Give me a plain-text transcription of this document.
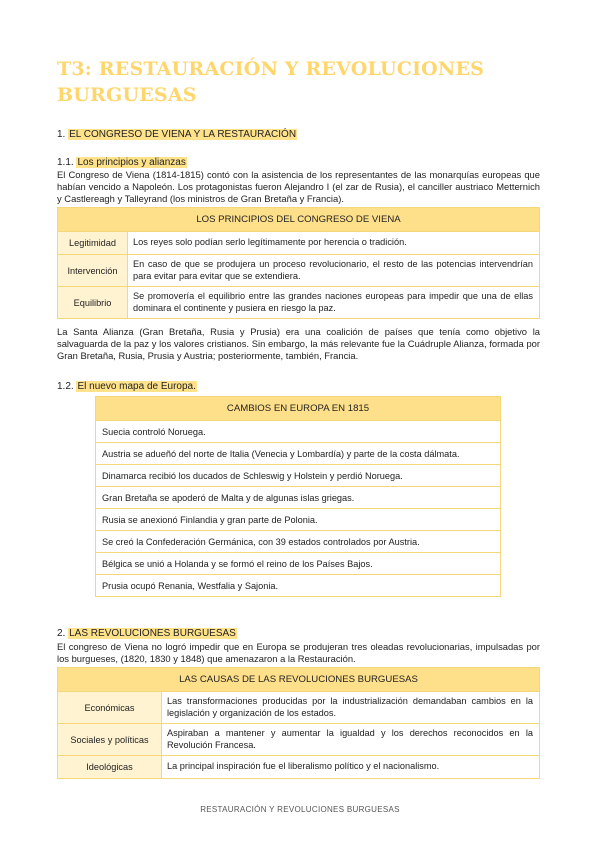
T3: RESTAURACIÓN Y REVOLUCIONES BURGUESAS
1. EL CONGRESO DE VIENA Y LA RESTAURACIÓN
1.1. Los principios y alianzas
El Congreso de Viena (1814-1815) contó con la asistencia de los representantes de las monarquías europeas que habían vencido a Napoleón. Los protagonistas fueron Alejandro I (el zar de Rusia), el canciller austriaco Metternich y Castlereagh y Talleyrand (los ministros de Gran Bretaña y Francia).
LOS PRINCIPIOS DEL CONGRESO DE VIENA	
Legitimidad	Los reyes solo podían serlo legítimamente por herencia o tradición.
Intervención	En caso de que se produjera un proceso revolucionario, el resto de las potencias intervendrían para evitar para evitar que se extendiera.
Equilibrio	Se promovería el equilibrio entre las grandes naciones europeas para impedir que una de ellas dominara el continente y pusiera en riesgo la paz.
La Santa Alianza (Gran Bretaña, Rusia y Prusia) era una coalición de países que tenía como objetivo la salvaguarda de la paz y los valores cristianos. Sin embargo, la más relevante fue la Cuádruple Alianza, formada por Gran Bretaña, Rusia, Prusia y Austria; posteriormente, también, Francia.
1.2. El nuevo mapa de Europa.
CAMBIOS EN EUROPA EN 1815
Suecia controló Noruega.
Austria se adueñó del norte de Italia (Venecia y Lombardía) y parte de la costa dálmata.
Dinamarca recibió los ducados de Schleswig y Holstein y perdió Noruega.
Gran Bretaña se apoderó de Malta y de algunas islas griegas.
Rusia se anexionó Finlandia y gran parte de Polonia.
Se creó la Confederación Germánica, con 39 estados controlados por Austria.
Bélgica se unió a Holanda y se formó el reino de los Países Bajos.
Prusia ocupó Renania, Westfalia y Sajonia.
2. LAS REVOLUCIONES BURGUESAS
El congreso de Viena no logró impedir que en Europa se produjeran tres oleadas revolucionarias, impulsadas por los burgueses, (1820, 1830 y 1848) que amenazaron a la Restauración.
LAS CAUSAS DE LAS REVOLUCIONES BURGUESAS	
Económicas	Las transformaciones producidas por la industrialización demandaban cambios en la legislación y organización de los estados.
Sociales y políticas	Aspiraban a mantener y aumentar la igualdad y los derechos reconocidos en la Revolución Francesa.
Ideológicas	La principal inspiración fue el liberalismo político y el nacionalismo.
RESTAURACIÓN Y REVOLUCIONES BURGUESAS
